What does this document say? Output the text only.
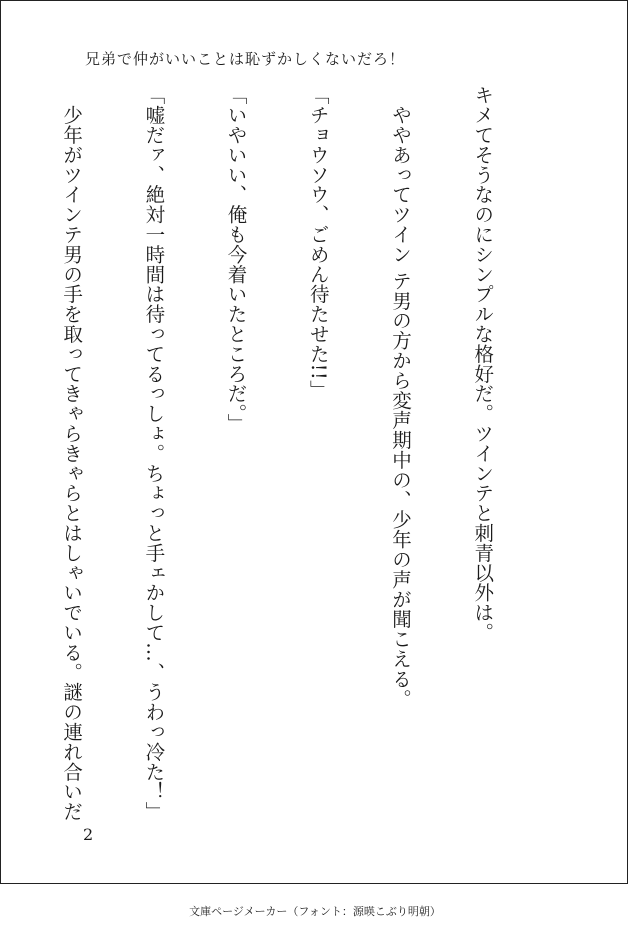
兄弟で仲がいいことは恥ずかしくないだろ！

キメてそうなのにシンプルな格好だ。ツインテと刺青以外は。

　ややあってツイン テ男の方から変声期中の、少年の声が聞こえる。

「チョウソウ、ごめん待たせた!!」

「いやいい、俺も今着いたところだ。」

「嘘だァ、絶対一時間は待ってるっしょ。ちょっと手ェかして…、うわっ冷た！」

　少年がツインテ男の手を取ってきゃらきゃらとはしゃいでいる。謎の連れ合いだ

2
文庫ページメーカー（フォント：源暎こぶり明朝）
